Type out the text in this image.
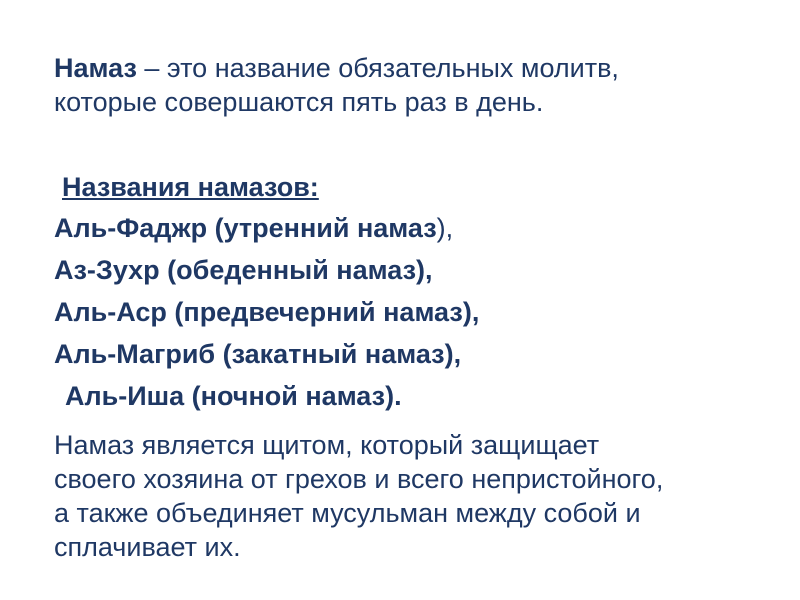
Намаз – это название обязательных молитв,
которые совершаются пять раз в день.

Названия намазов:

Аль-Фаджр (утренний намаз),
Аз-Зухр (обеденный намаз),
Аль-Аср (предвечерний намаз),
Аль-Магриб (закатный намаз),
Аль-Иша (ночной намаз).

Намаз является щитом, который защищает
своего хозяина от грехов и всего непристойного,
а также объединяет мусульман между собой и
сплачивает их.
